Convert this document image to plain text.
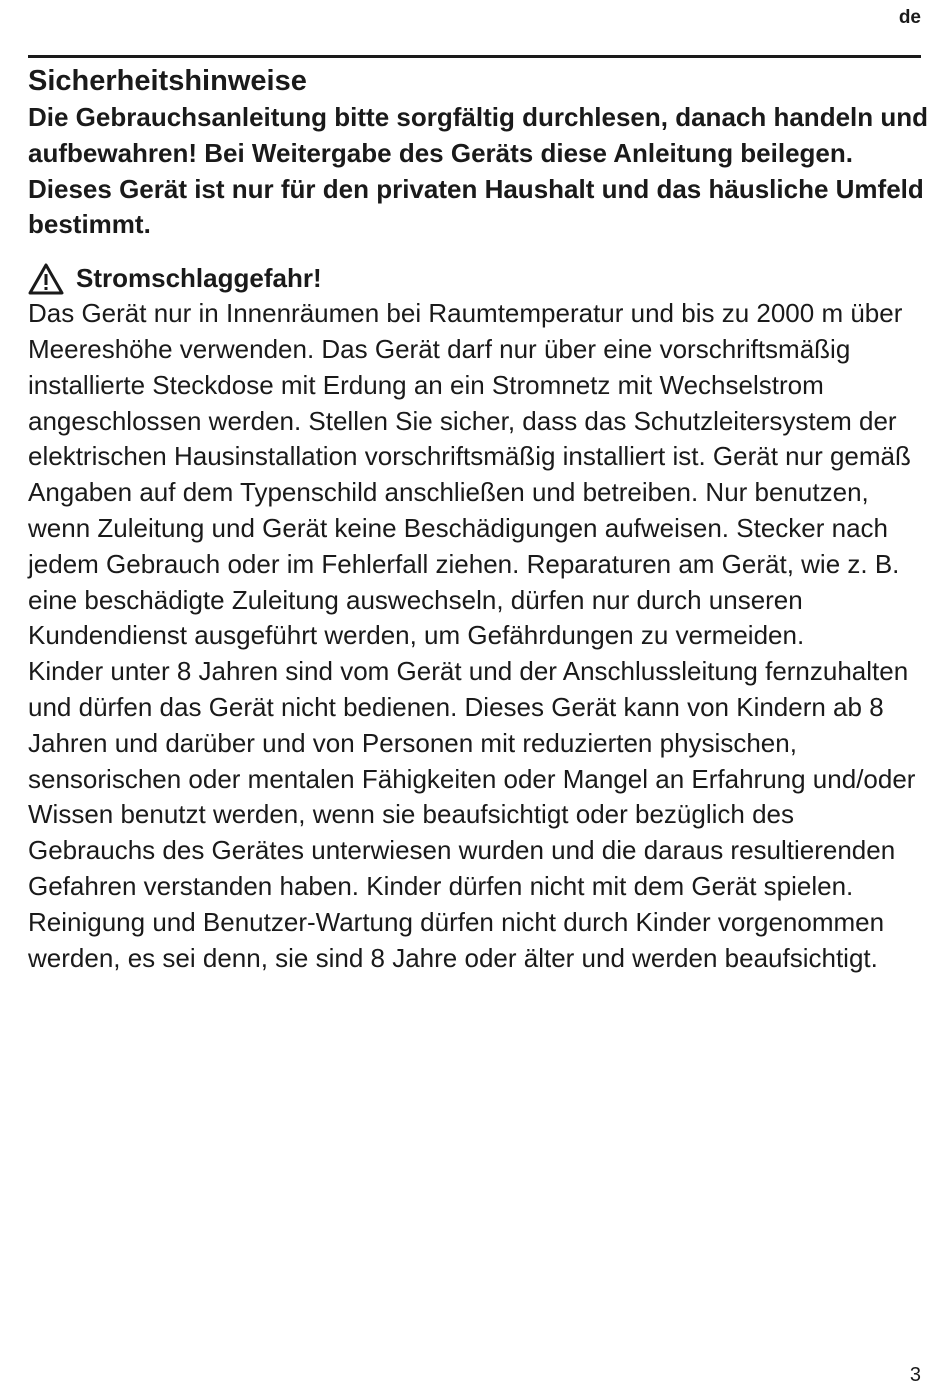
de
Sicherheitshinweise

Die Gebrauchsanleitung bitte sorgfältig durchlesen, danach handeln und aufbewahren! Bei Weitergabe des Geräts diese Anleitung beilegen. Dieses Gerät ist nur für den privaten Haushalt und das häusliche Umfeld bestimmt.

Stromschlaggefahr!

Das Gerät nur in Innenräumen bei Raumtemperatur und bis zu 2000 m über Meereshöhe verwenden. Das Gerät darf nur über eine vorschriftsmäßig installierte Steckdose mit Erdung an ein Stromnetz mit Wechselstrom angeschlossen werden. Stellen Sie sicher, dass das Schutzleitersystem der elektrischen Hausinstallation vorschriftsmäßig installiert ist. Gerät nur gemäß Angaben auf dem Typenschild anschließen und betreiben. Nur benutzen, wenn Zuleitung und Gerät keine Beschädigungen aufweisen. Stecker nach jedem Gebrauch oder im Fehlerfall ziehen. Reparaturen am Gerät, wie z. B. eine beschädigte Zuleitung auswechseln, dürfen nur durch unseren Kundendienst ausgeführt werden, um Gefährdungen zu vermeiden.

Kinder unter 8 Jahren sind vom Gerät und der Anschlussleitung fernzuhalten und dürfen das Gerät nicht bedienen. Dieses Gerät kann von Kindern ab 8 Jahren und darüber und von Personen mit reduzierten physischen, sensorischen oder mentalen Fähigkeiten oder Mangel an Erfahrung und/oder Wissen benutzt werden, wenn sie beaufsichtigt oder bezüglich des Gebrauchs des Gerätes unterwiesen wurden und die daraus resultierenden Gefahren verstanden haben. Kinder dürfen nicht mit dem Gerät spielen. Reinigung und Benutzer-Wartung dürfen nicht durch Kinder vorgenommen werden, es sei denn, sie sind 8 Jahre oder älter und werden beaufsichtigt.

3
